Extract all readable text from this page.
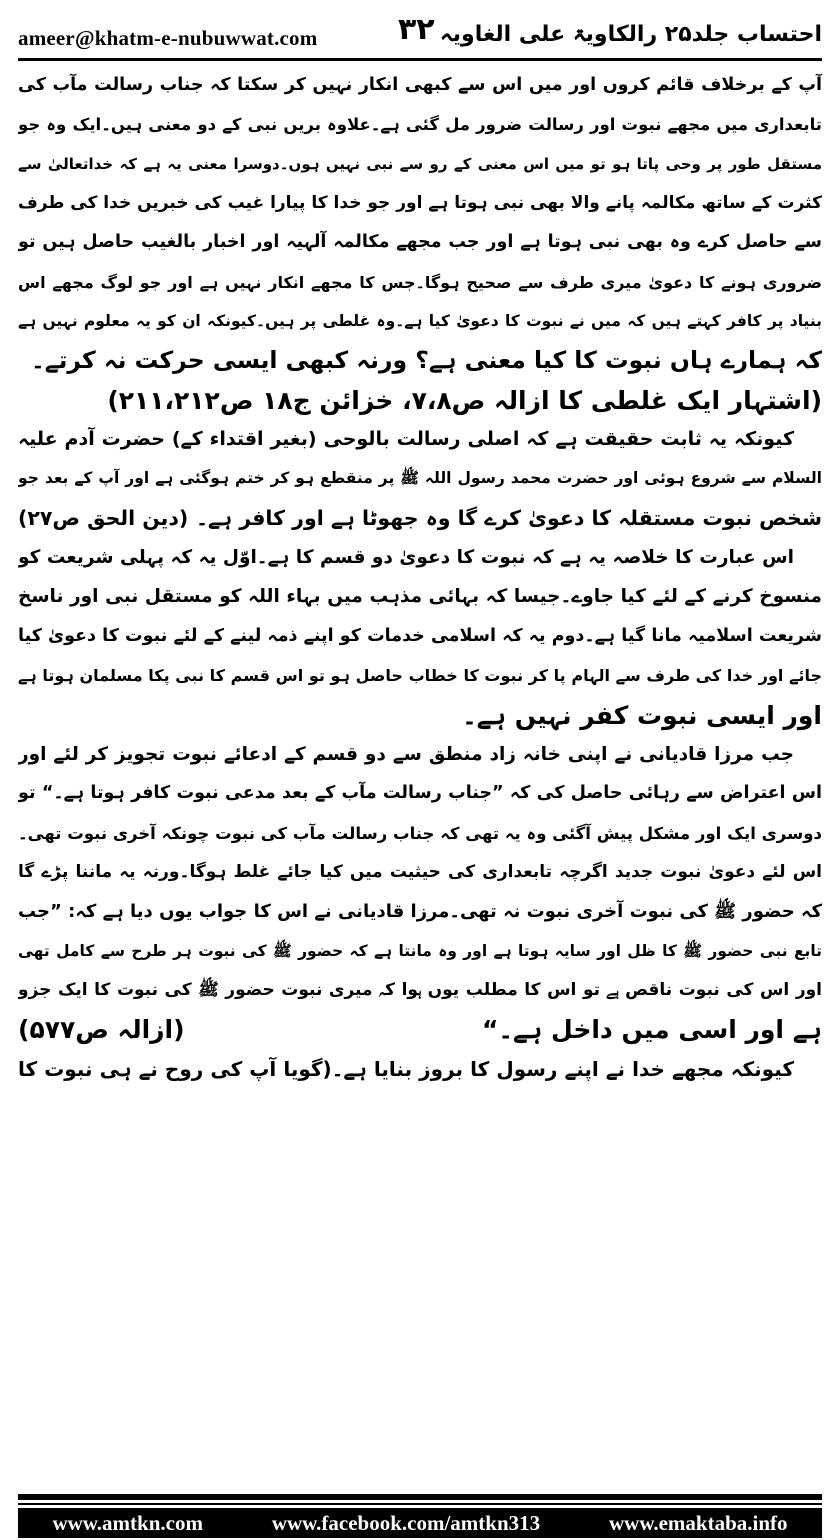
ameer@khatm-e-nubuwwat.com	۳۲ احتساب جلد۲۵ رالکاویۃ علی الغاویہ
آپ کے برخلاف قائم کروں اور میں اس سے کبھی انکار نہیں کر سکتا کہ جناب رسالت مآب کی
تابعداری میں مجھے نبوت اور رسالت ضرور مل گئی ہے۔علاوہ بریں نبی کے دو معنی ہیں۔ایک وہ جو
مستقل طور پر وحی پاتا ہو تو میں اس معنی کے رو سے نبی نہیں ہوں۔دوسرا معنی یہ ہے کہ خداتعالیٰ سے
کثرت کے ساتھ مکالمہ پانے والا بھی نبی ہوتا ہے اور جو خدا کا پیارا غیب کی خبریں خدا کی طرف
سے حاصل کرے وہ بھی نبی ہوتا ہے اور جب مجھے مکالمہ آلہیہ اور اخبار بالغیب حاصل ہیں تو
ضروری ہونے کا دعویٰ میری طرف سے صحیح ہوگا۔جس کا مجھے انکار نہیں ہے اور جو لوگ مجھے اس
بنیاد پر کافر کہتے ہیں کہ میں نے نبوت کا دعویٰ کیا ہے۔وہ غلطی پر ہیں۔کیونکہ ان کو یہ معلوم نہیں ہے
کہ ہمارے ہاں نبوت کا کیا معنی ہے؟ ورنہ کبھی ایسی حرکت نہ کرتے۔
(اشتہار ایک غلطی کا ازالہ ص۷،۸، خزائن ج۱۸ ص۲۱۱،۲۱۲)
کیونکہ یہ ثابت حقیقت ہے کہ اصلی رسالت بالوحی (بغیر اقتداء کے) حضرت آدم علیہ
السلام سے شروع ہوئی اور حضرت محمد رسول اللہ ﷺ پر منقطع ہو کر ختم ہوگئی ہے اور آپ کے بعد جو
شخص نبوت مستقلہ کا دعویٰ کرے گا وہ جھوٹا ہے اور کافر ہے۔
(دین الحق ص۲۷)
اس عبارت کا خلاصہ یہ ہے کہ نبوت کا دعویٰ دو قسم کا ہے۔اوّل یہ کہ پہلی شریعت کو
منسوخ کرنے کے لئے کیا جاوے۔جیسا کہ بہائی مذہب میں بہاء اللہ کو مستقل نبی اور ناسخ
شریعت اسلامیہ مانا گیا ہے۔دوم یہ کہ اسلامی خدمات کو اپنے ذمہ لینے کے لئے نبوت کا دعویٰ کیا
جائے اور خدا کی طرف سے الہام پا کر نبوت کا خطاب حاصل ہو تو اس قسم کا نبی پکا مسلمان ہوتا ہے
اور ایسی نبوت کفر نہیں ہے۔
جب مرزا قادیانی نے اپنی خانہ زاد منطق سے دو قسم کے ادعائے نبوت تجویز کر لئے اور
اس اعتراض سے رہائی حاصل کی کہ ”جناب رسالت مآب کے بعد مدعی نبوت کافر ہوتا ہے۔“ تو
دوسری ایک اور مشکل پیش آگئی وہ یہ تھی کہ جناب رسالت مآب کی نبوت چونکہ آخری نبوت تھی۔
اس لئے دعویٰ نبوت جدید اگرچہ تابعداری کی حیثیت میں کیا جائے غلط ہوگا۔ورنہ یہ ماننا پڑے گا
کہ حضور ﷺ کی نبوت آخری نبوت نہ تھی۔مرزا قادیانی نے اس کا جواب یوں دیا ہے کہ: ”جب
تابع نبی حضور ﷺ کا ظل اور سایہ ہوتا ہے اور وہ مانتا ہے کہ حضور ﷺ کی نبوت ہر طرح سے کامل تھی
اور اس کی نبوت ناقص ہے تو اس کا مطلب یوں ہوا کہ میری نبوت حضور ﷺ کی نبوت کا ایک جزو
ہے اور اسی میں داخل ہے۔“
(ازالہ ص۵۷۷)
کیونکہ مجھے خدا نے اپنے رسول کا بروز بنایا ہے۔(گویا آپ کی روح نے ہی نبوت کا
www.amtkn.com	www.facebook.com/amtkn313	www.emaktaba.info
